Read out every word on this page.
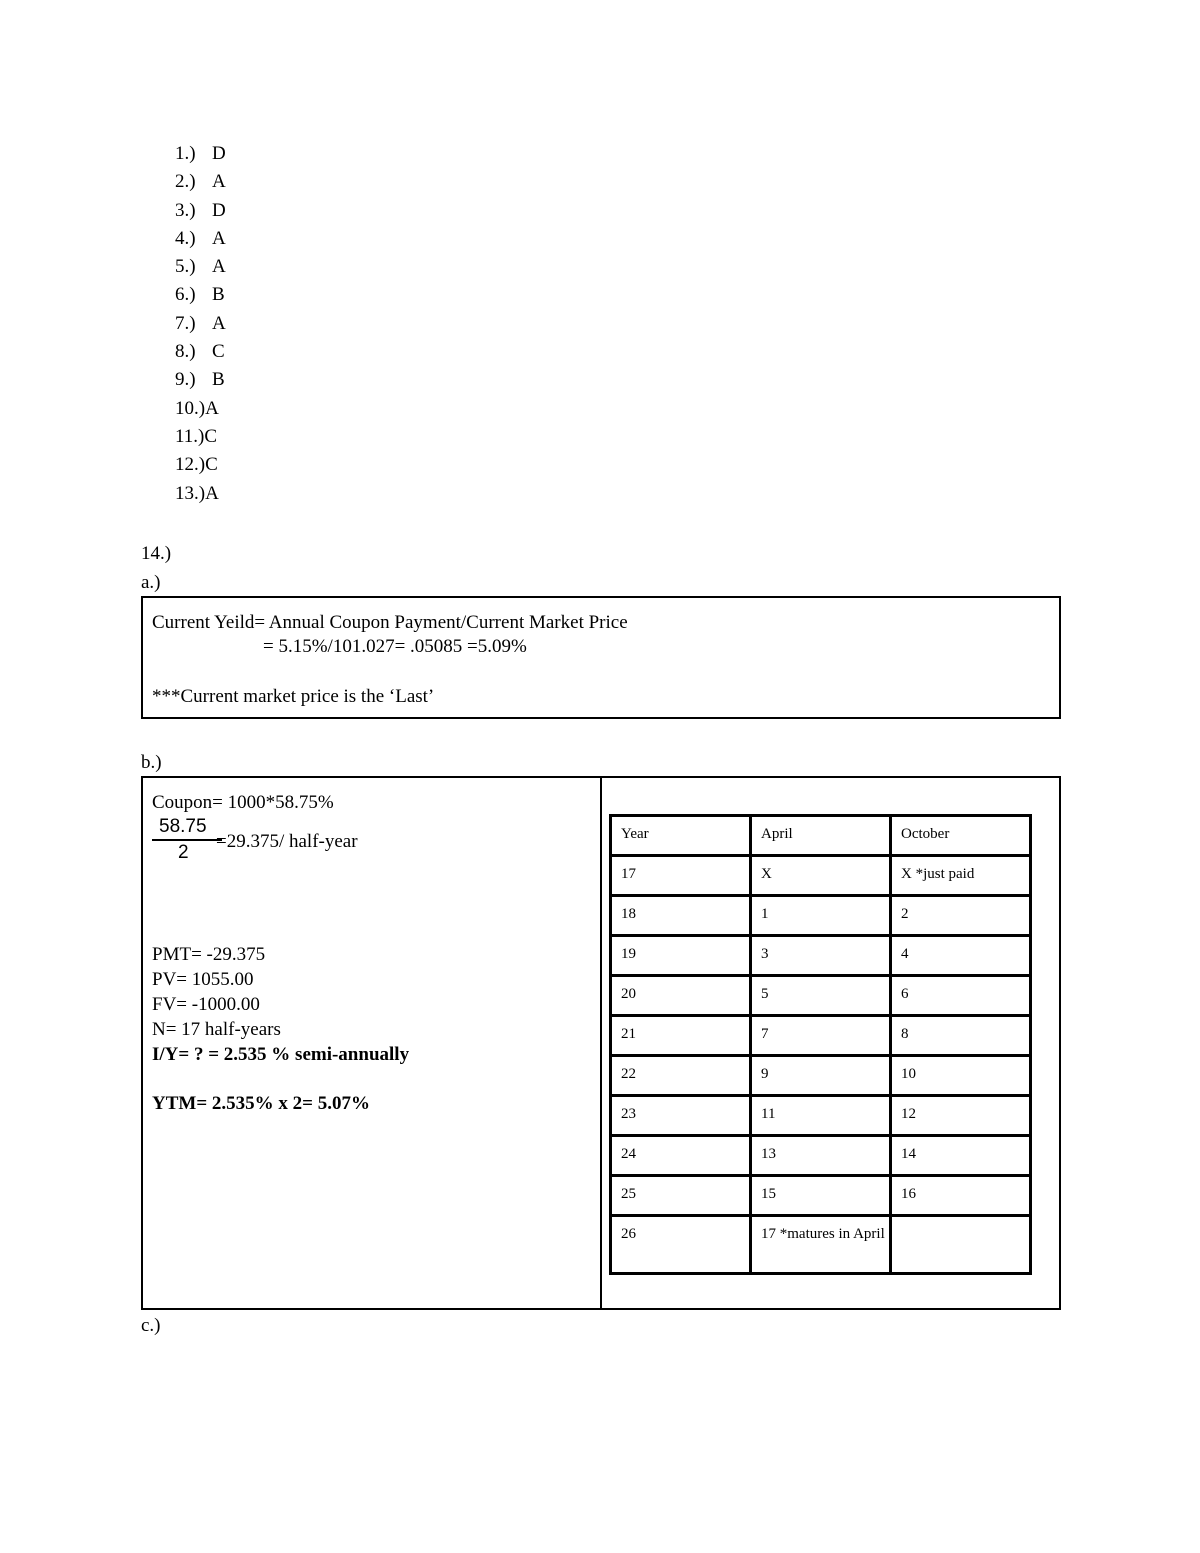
1.) D
2.) A
3.) D
4.) A
5.) A
6.) B
7.) A
8.) C
9.) B
10.)A
11.)C
12.)C
13.)A
14.)
a.)
Current Yeild= Annual Coupon Payment/Current Market Price
= 5.15%/101.027= .05085 =5.09%
***Current market price is the ‘Last’
b.)
Coupon= 1000*58.75%
58.75
2
=29.375/ half-year
PMT= -29.375
PV= 1055.00
FV= -1000.00
N= 17 half-years
I/Y= ? = 2.535 % semi-annually
YTM= 2.535% x 2= 5.07%
Year	April	October
17	X	X *just paid
18	1	2
19	3	4
20	5	6
21	7	8
22	9	10
23	11	12
24	13	14
25	15	16
26	17 *matures in April	
c.)
